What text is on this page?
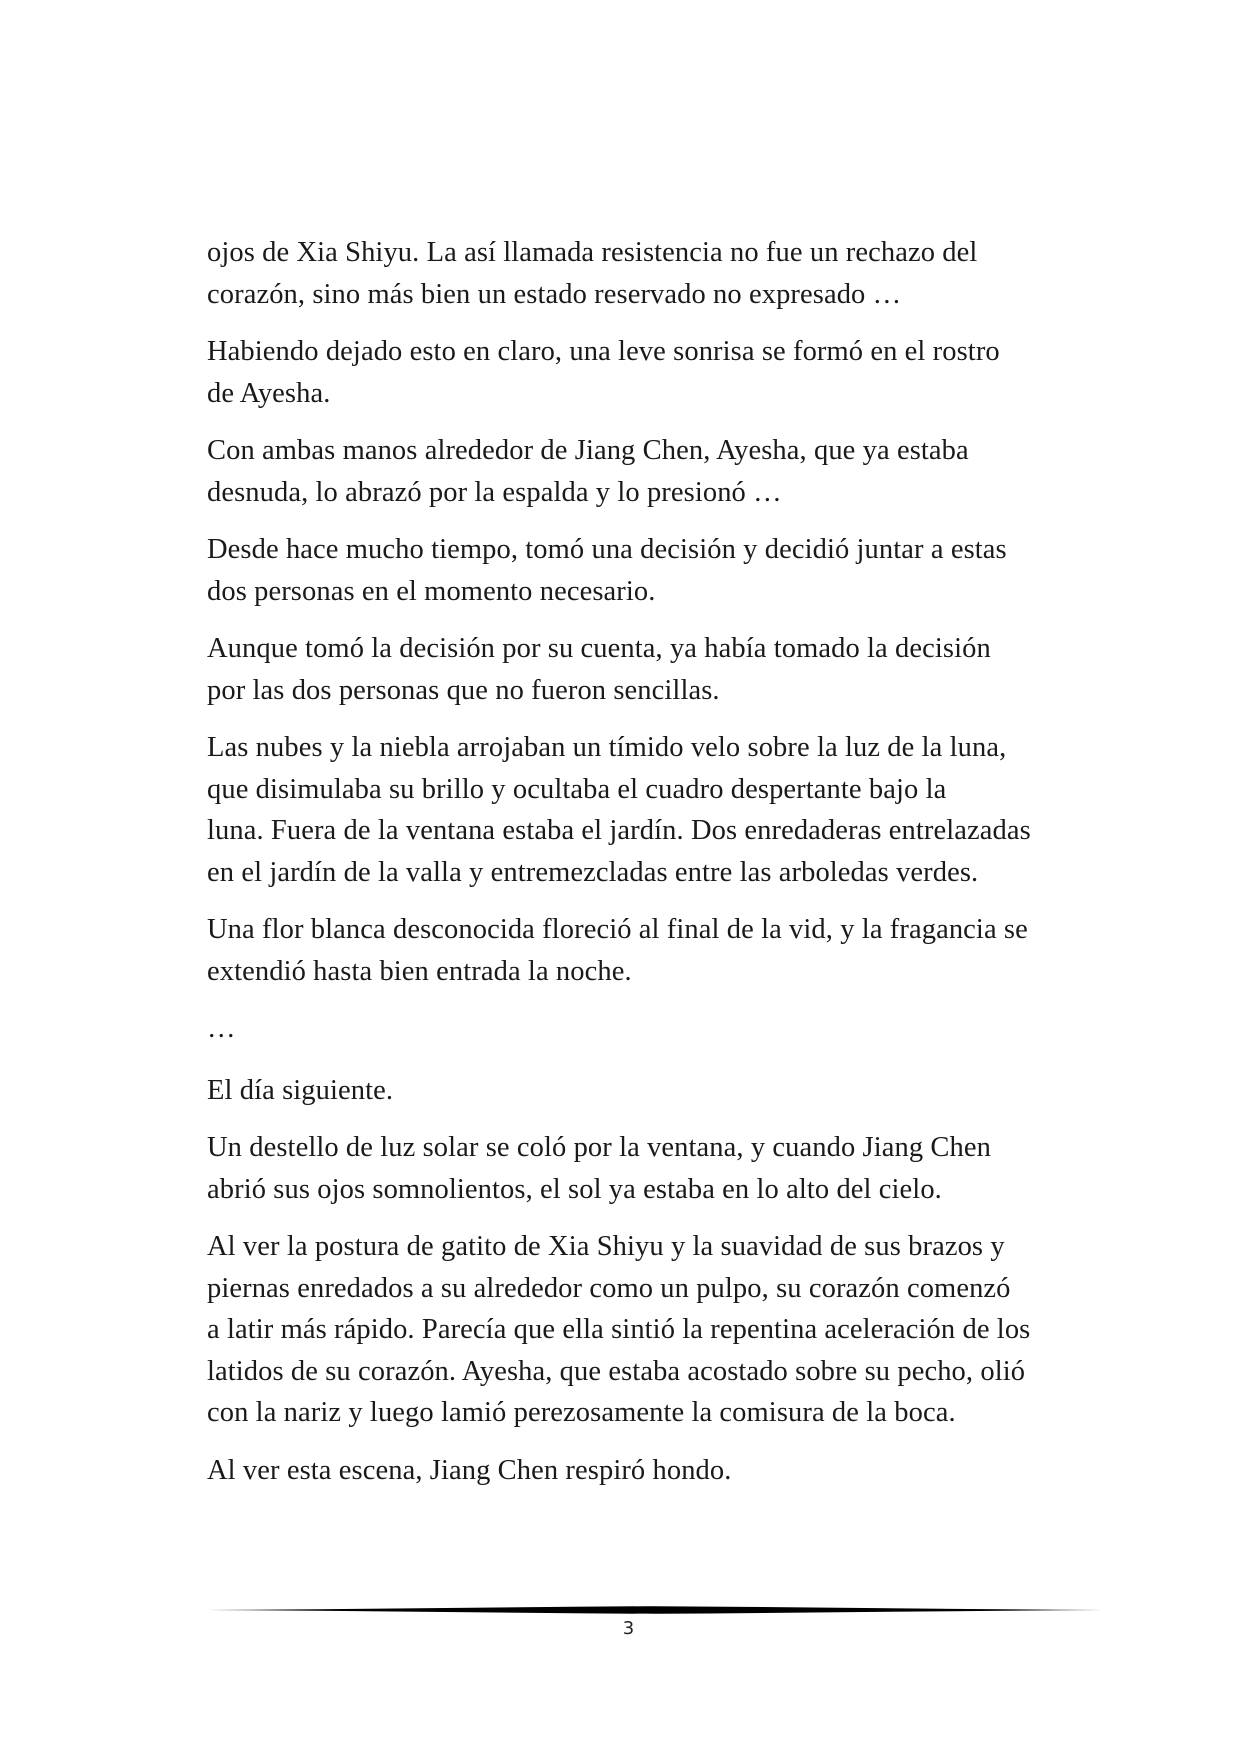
ojos de Xia Shiyu. La así llamada resistencia no fue un rechazo del
corazón, sino más bien un estado reservado no expresado …

Habiendo dejado esto en claro, una leve sonrisa se formó en el rostro
de Ayesha.

Con ambas manos alrededor de Jiang Chen, Ayesha, que ya estaba
desnuda, lo abrazó por la espalda y lo presionó …

Desde hace mucho tiempo, tomó una decisión y decidió juntar a estas
dos personas en el momento necesario.

Aunque tomó la decisión por su cuenta, ya había tomado la decisión
por las dos personas que no fueron sencillas.

Las nubes y la niebla arrojaban un tímido velo sobre la luz de la luna,
que disimulaba su brillo y ocultaba el cuadro despertante bajo la
luna. Fuera de la ventana estaba el jardín. Dos enredaderas entrelazadas
en el jardín de la valla y entremezcladas entre las arboledas verdes.

Una flor blanca desconocida floreció al final de la vid, y la fragancia se
extendió hasta bien entrada la noche.

…

El día siguiente.

Un destello de luz solar se coló por la ventana, y cuando Jiang Chen
abrió sus ojos somnolientos, el sol ya estaba en lo alto del cielo.

Al ver la postura de gatito de Xia Shiyu y la suavidad de sus brazos y
piernas enredados a su alrededor como un pulpo, su corazón comenzó
a latir más rápido. Parecía que ella sintió la repentina aceleración de los
latidos de su corazón. Ayesha, que estaba acostado sobre su pecho, olió
con la nariz y luego lamió perezosamente la comisura de la boca.

Al ver esta escena, Jiang Chen respiró hondo.

3
